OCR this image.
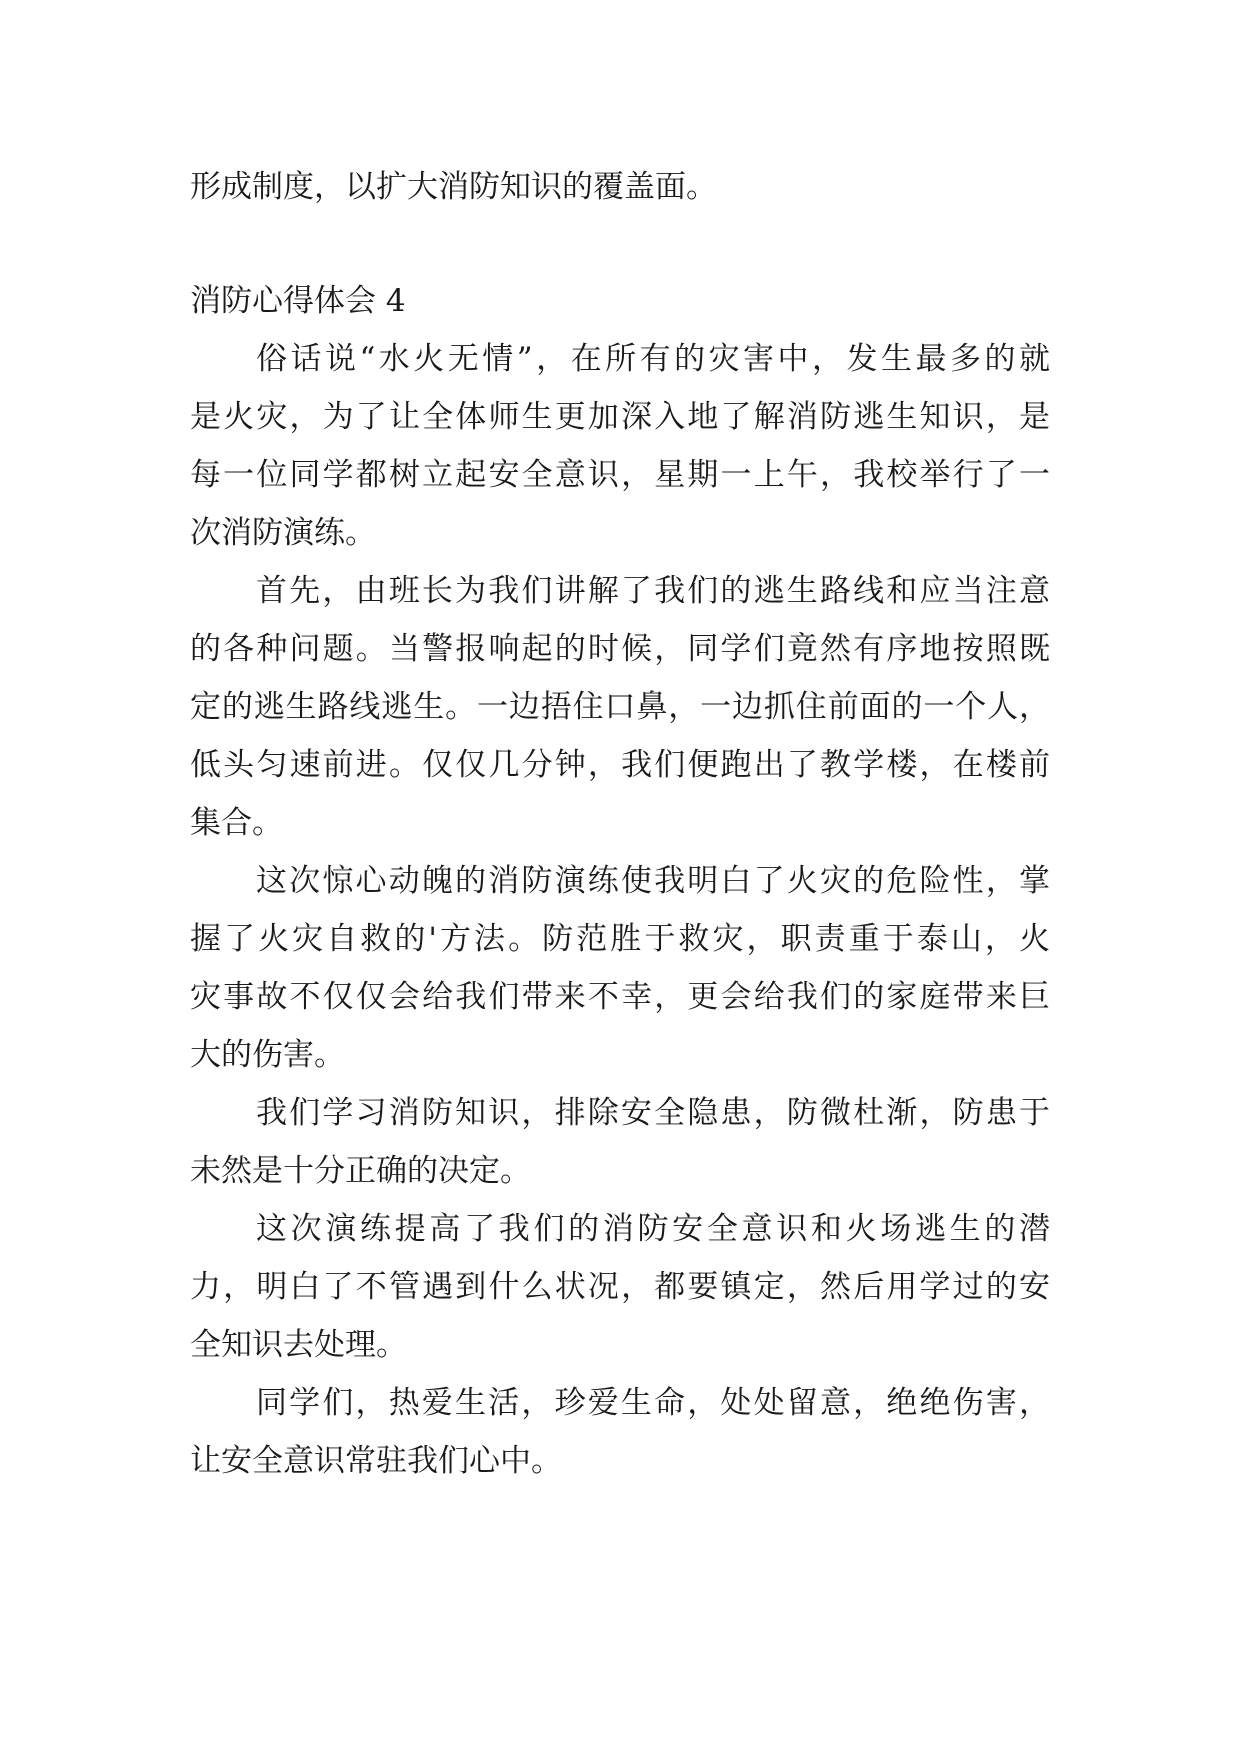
形成制度，以扩大消防知识的覆盖面。
消防心得体会 4
俗话说“水火无情”，在所有的灾害中，发生最多的就
是火灾，为了让全体师生更加深入地了解消防逃生知识，是
每一位同学都树立起安全意识，星期一上午，我校举行了一
次消防演练。
首先，由班长为我们讲解了我们的逃生路线和应当注意
的各种问题。当警报响起的时候，同学们竟然有序地按照既
定的逃生路线逃生。一边捂住口鼻，一边抓住前面的一个人，
低头匀速前进。仅仅几分钟，我们便跑出了教学楼，在楼前
集合。
这次惊心动魄的消防演练使我明白了火灾的危险性，掌
握了火灾自救的'方法。防范胜于救灾，职责重于泰山，火
灾事故不仅仅会给我们带来不幸，更会给我们的家庭带来巨
大的伤害。
我们学习消防知识，排除安全隐患，防微杜渐，防患于
未然是十分正确的决定。
这次演练提高了我们的消防安全意识和火场逃生的潜
力，明白了不管遇到什么状况，都要镇定，然后用学过的安
全知识去处理。
同学们，热爱生活，珍爱生命，处处留意，绝绝伤害，
让安全意识常驻我们心中。
